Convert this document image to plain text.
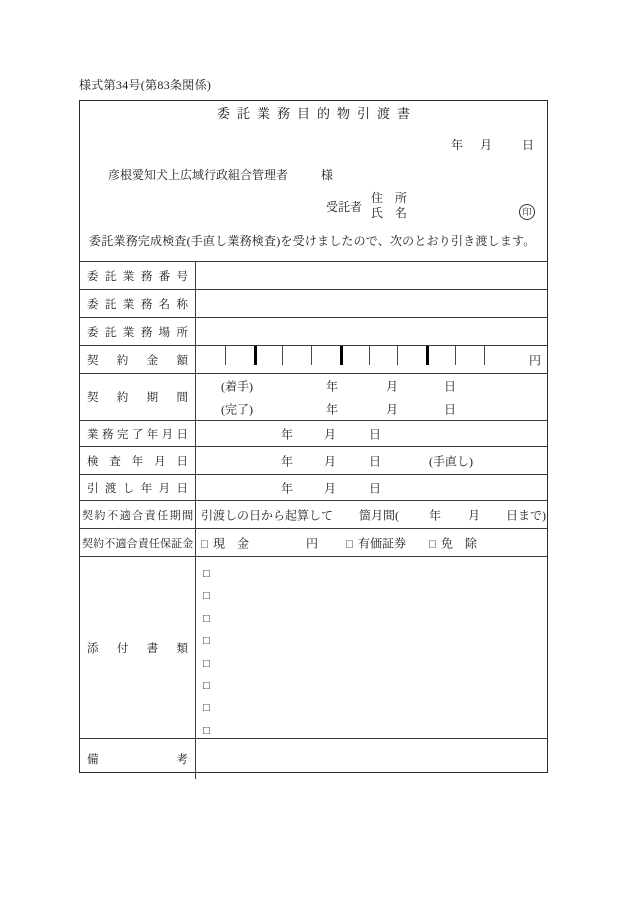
様式第34号(第83条関係)
委託業務目的物引渡書
年 月	日
彦根愛知犬上広域行政組合管理者	様
受託者
住　所
氏　名	印
委託業務完成検査(手直し業務検査)を受けましたので、次のとおり引き渡します。
委託業務番号
委託業務名称
委託業務場所
契約金額	円
契約期間
(着手)	年	月	日
(完了)	年	月	日
業務完了年月日	年	月	日
検査年月日	年	月	日	(手直し)
引渡し年月日	年	月	日
契約不適合責任期間 引渡しの日から起算して 箇月間(	年 月 日まで)
契約不適合責任保証金 □ 現　金	円 □ 有価証券 □ 免　除
添付書類
□
□
□
□
□
□
□
□
備考
